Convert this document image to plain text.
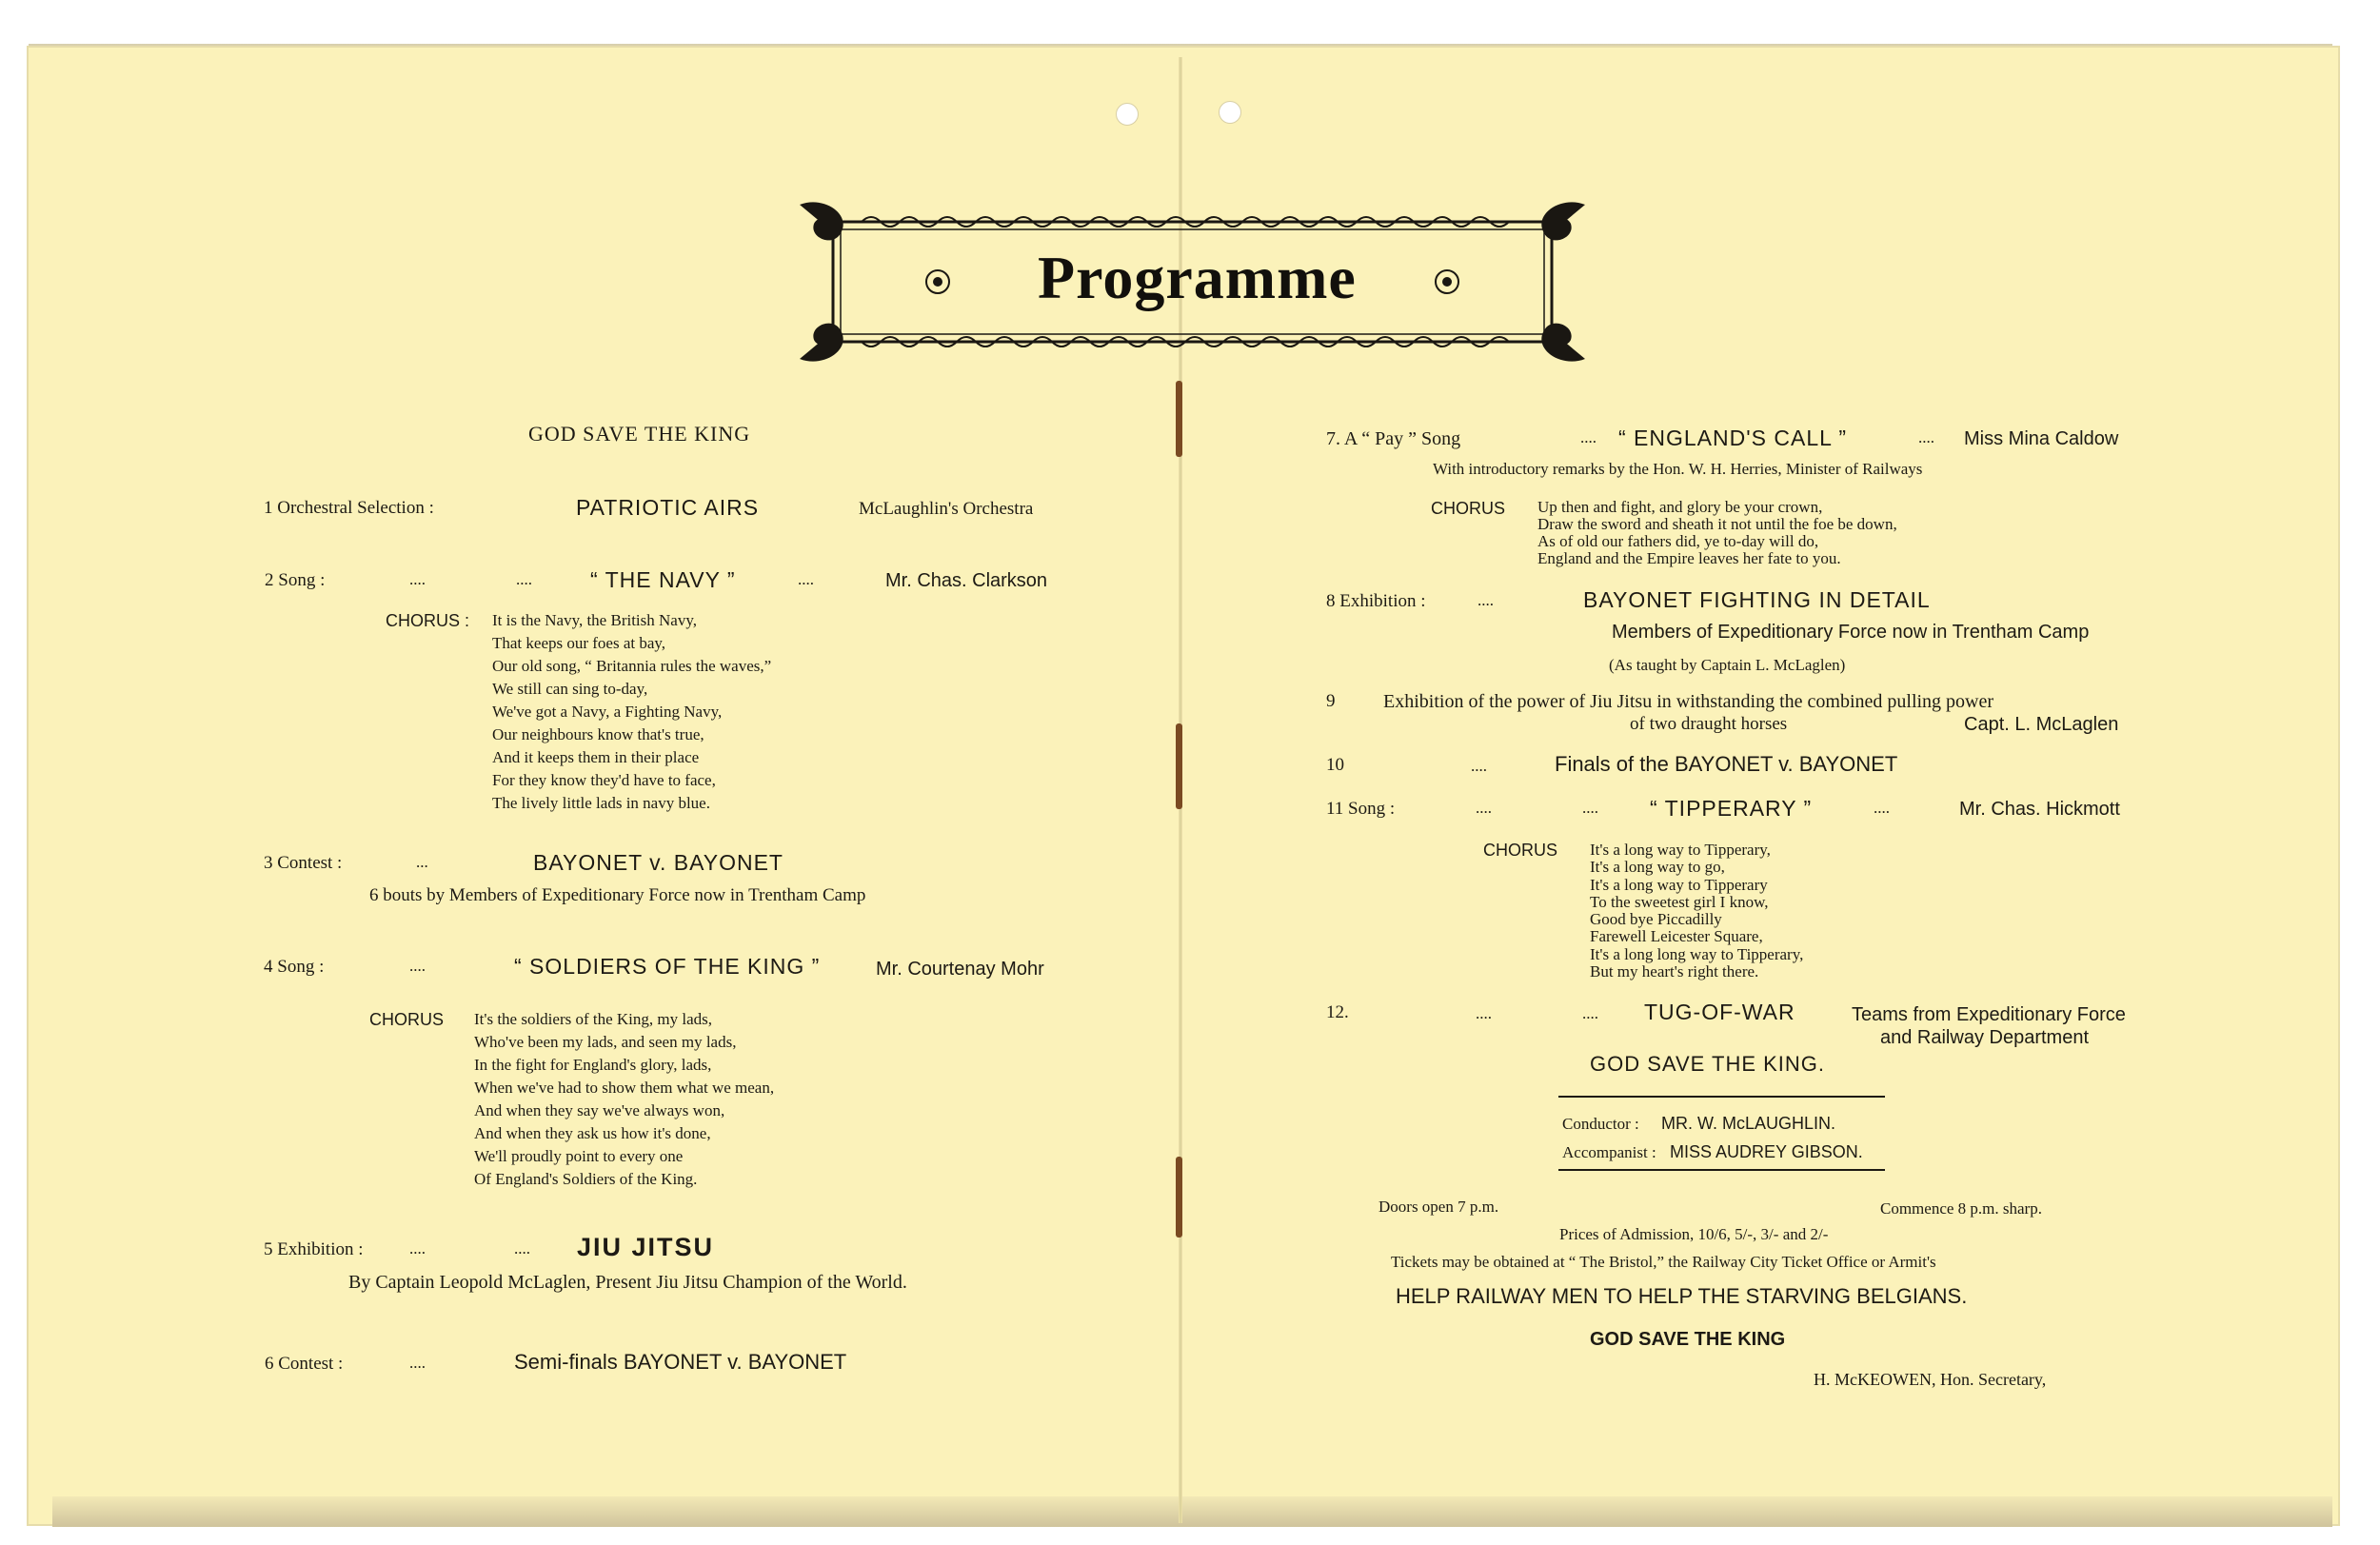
Programme
GOD SAVE THE KING
1 Orchestral Selection :	PATRIOTIC AIRS	McLaughlin's Orchestra
2 Song :	....	....	“ THE NAVY ”	....	Mr. Chas. Clarkson
CHORUS : It is the Navy, the British Navy,
That keeps our foes at bay,
Our old song, “ Britannia rules the waves,”
We still can sing to-day,
We've got a Navy, a Fighting Navy,
Our neighbours know that's true,
And it keeps them in their place
For they know they'd have to face,
The lively little lads in navy blue.
3 Contest :	...	BAYONET v. BAYONET
6 bouts by Members of Expeditionary Force now in Trentham Camp
4 Song :	....	“ SOLDIERS OF THE KING ”	Mr. Courtenay Mohr
CHORUS It's the soldiers of the King, my lads,
Who've been my lads, and seen my lads,
In the fight for England's glory, lads,
When we've had to show them what we mean,
And when they say we've always won,
And when they ask us how it's done,
We'll proudly point to every one
Of England's Soldiers of the King.
5 Exhibition :	....	.... JIU JITSU
By Captain Leopold McLaglen, Present Jiu Jitsu Champion of the World.
6 Contest :	....	Semi-finals BAYONET v. BAYONET
7. A “ Pay ” Song	.... “ ENGLAND'S CALL ”	.... Miss Mina Caldow
With introductory remarks by the Hon. W. H. Herries, Minister of Railways
CHORUS Up then and fight, and glory be your crown,
Draw the sword and sheath it not until the foe be down,
As of old our fathers did, ye to-day will do,
England and the Empire leaves her fate to you.
8 Exhibition :	....	BAYONET FIGHTING IN DETAIL
Members of Expeditionary Force now in Trentham Camp
(As taught by Captain L. McLaglen)
9	Exhibition of the power of Jiu Jitsu in withstanding the combined pulling power
of two draught horses	Capt. L. McLaglen
10	....	Finals of the BAYONET v. BAYONET
11 Song :	....	.... “ TIPPERARY ”	....	Mr. Chas. Hickmott
CHORUS It's a long way to Tipperary,
It's a long way to go,
It's a long way to Tipperary
To the sweetest girl I know,
Good bye Piccadilly
Farewell Leicester Square,
It's a long long way to Tipperary,
But my heart's right there.
12.	....	.... TUG-OF-WAR	Teams from Expeditionary Force
and Railway Department
GOD SAVE THE KING.
Conductor : MR. W. McLAUGHLIN.
Accompanist : MISS AUDREY GIBSON.
Doors open 7 p.m.	Commence 8 p.m. sharp.
Prices of Admission, 10/6, 5/-, 3/- and 2/-
Tickets may be obtained at “ The Bristol,” the Railway City Ticket Office or Armit's
HELP RAILWAY MEN TO HELP THE STARVING BELGIANS.
GOD SAVE THE KING
H. McKEOWEN, Hon. Secretary,
